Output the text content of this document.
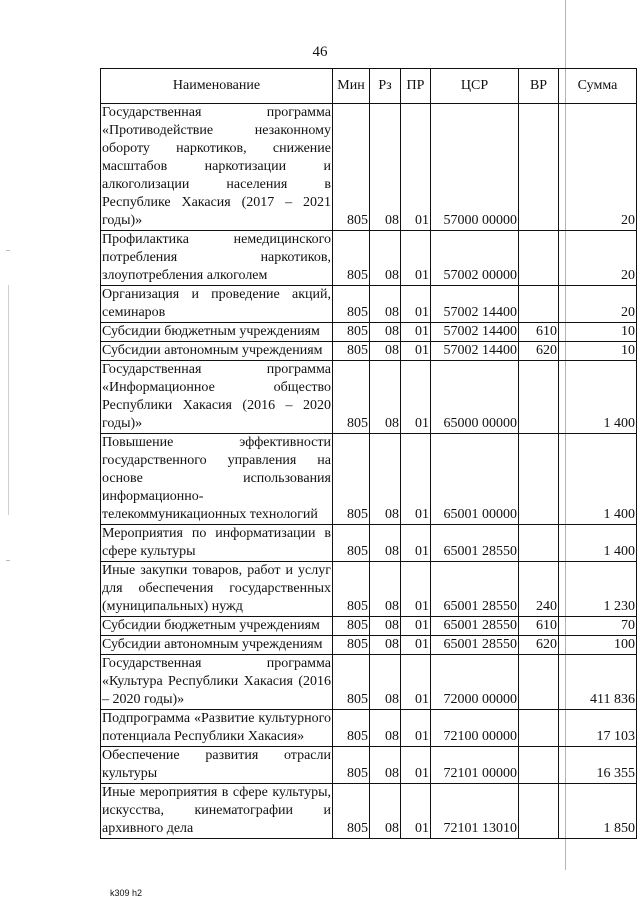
46
Наименование	Мин	Рз	ПР	ЦСР	ВР	Сумма
Государственная программа «Противодействие незаконному обороту наркотиков, снижение масштабов наркотизации и алкоголизации населения в Республике Хакасия (2017 – 2021 годы)»	805	08	01	57000 00000		20
Профилактика немедицинского потребления наркотиков, злоупотребления алкоголем	805	08	01	57002 00000		20
Организация и проведение акций, семинаров	805	08	01	57002 14400		20
Субсидии бюджетным учреждениям	805	08	01	57002 14400	610	10
Субсидии автономным учреждениям	805	08	01	57002 14400	620	10
Государственная программа «Информационное общество Республики Хакасия (2016 – 2020 годы)»	805	08	01	65000 00000		1 400
Повышение эффективности государственного управления на основе использования информационно-телекоммуникационных технологий	805	08	01	65001 00000		1 400
Мероприятия по информатизации в сфере культуры	805	08	01	65001 28550		1 400
Иные закупки товаров, работ и услуг для обеспечения государственных (муниципальных) нужд	805	08	01	65001 28550	240	1 230
Субсидии бюджетным учреждениям	805	08	01	65001 28550	610	70
Субсидии автономным учреждениям	805	08	01	65001 28550	620	100
Государственная программа «Культура Республики Хакасия (2016 – 2020 годы)»	805	08	01	72000 00000		411 836
Подпрограмма «Развитие культурного потенциала Республики Хакасия»	805	08	01	72100 00000		17 103
Обеспечение развития отрасли культуры	805	08	01	72101 00000		16 355
Иные мероприятия в сфере культуры, искусства, кинематографии и архивного дела	805	08	01	72101 13010		1 850
k309 h2
